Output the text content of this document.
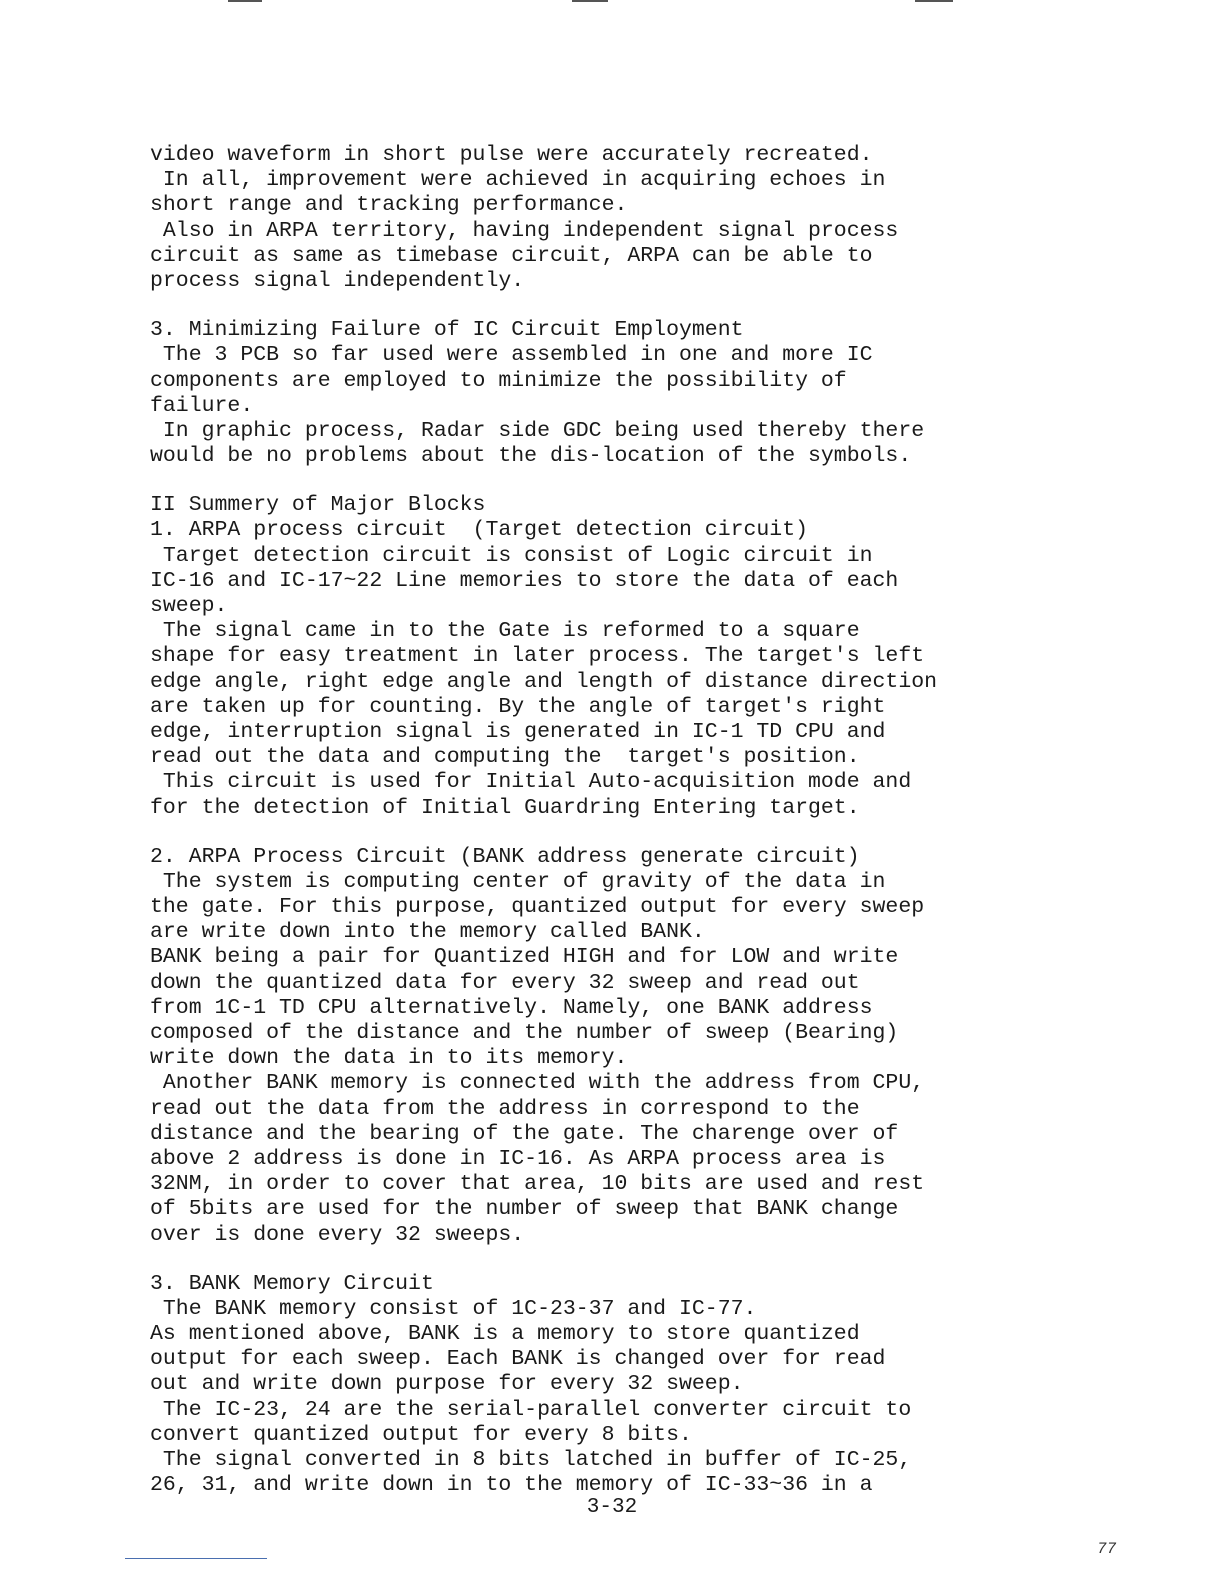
video waveform in short pulse were accurately recreated.
In all, improvement were achieved in acquiring echoes in
short range and tracking performance.
Also in ARPA territory, having independent signal process
circuit as same as timebase circuit, ARPA can be able to
process signal independently.
3. Minimizing Failure of IC Circuit Employment
The 3 PCB so far used were assembled in one and more IC
components are employed to minimize the possibility of
failure.
In graphic process, Radar side GDC being used thereby there
would be no problems about the dis-location of the symbols.
II Summery of Major Blocks
1. ARPA process circuit  (Target detection circuit)
Target detection circuit is consist of Logic circuit in
IC-16 and IC-17~22 Line memories to store the data of each
sweep.
The signal came in to the Gate is reformed to a square
shape for easy treatment in later process. The target's left
edge angle, right edge angle and length of distance direction
are taken up for counting. By the angle of target's right
edge, interruption signal is generated in IC-1 TD CPU and
read out the data and computing the  target's position.
This circuit is used for Initial Auto-acquisition mode and
for the detection of Initial Guardring Entering target.
2. ARPA Process Circuit (BANK address generate circuit)
The system is computing center of gravity of the data in
the gate. For this purpose, quantized output for every sweep
are write down into the memory called BANK.
BANK being a pair for Quantized HIGH and for LOW and write
down the quantized data for every 32 sweep and read out
from 1C-1 TD CPU alternatively. Namely, one BANK address
composed of the distance and the number of sweep (Bearing)
write down the data in to its memory.
Another BANK memory is connected with the address from CPU,
read out the data from the address in correspond to the
distance and the bearing of the gate. The charenge over of
above 2 address is done in IC-16. As ARPA process area is
32NM, in order to cover that area, 10 bits are used and rest
of 5bits are used for the number of sweep that BANK change
over is done every 32 sweeps.
3. BANK Memory Circuit
The BANK memory consist of 1C-23-37 and IC-77.
As mentioned above, BANK is a memory to store quantized
output for each sweep. Each BANK is changed over for read
out and write down purpose for every 32 sweep.
The IC-23, 24 are the serial-parallel converter circuit to
convert quantized output for every 8 bits.
The signal converted in 8 bits latched in buffer of IC-25,
26, 31, and write down in to the memory of IC-33~36 in a
3-32
77
